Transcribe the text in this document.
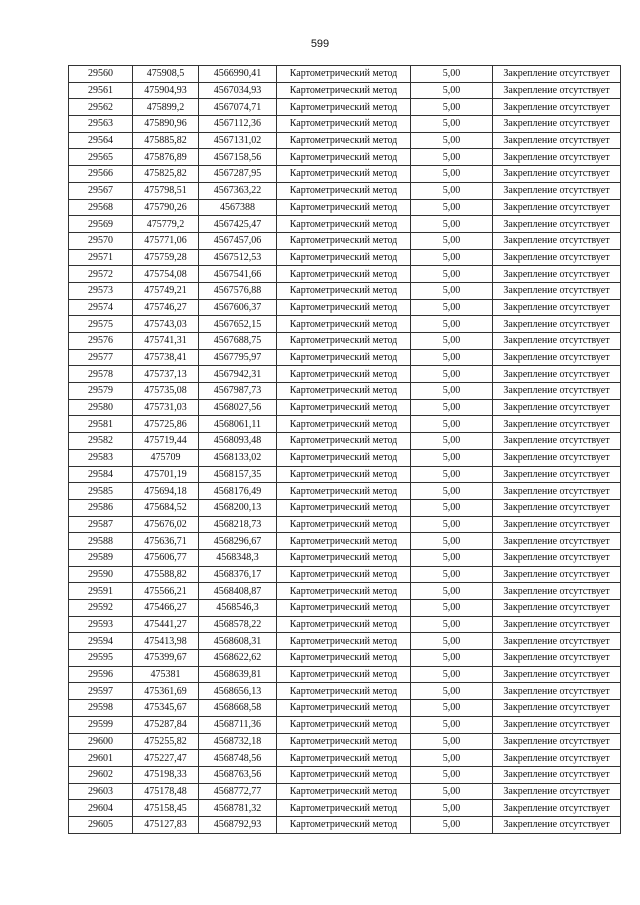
599
29560	475908,5	4566990,41	Картометрический метод	5,00	Закрепление отсутствует
29561	475904,93	4567034,93	Картометрический метод	5,00	Закрепление отсутствует
29562	475899,2	4567074,71	Картометрический метод	5,00	Закрепление отсутствует
29563	475890,96	4567112,36	Картометрический метод	5,00	Закрепление отсутствует
29564	475885,82	4567131,02	Картометрический метод	5,00	Закрепление отсутствует
29565	475876,89	4567158,56	Картометрический метод	5,00	Закрепление отсутствует
29566	475825,82	4567287,95	Картометрический метод	5,00	Закрепление отсутствует
29567	475798,51	4567363,22	Картометрический метод	5,00	Закрепление отсутствует
29568	475790,26	4567388	Картометрический метод	5,00	Закрепление отсутствует
29569	475779,2	4567425,47	Картометрический метод	5,00	Закрепление отсутствует
29570	475771,06	4567457,06	Картометрический метод	5,00	Закрепление отсутствует
29571	475759,28	4567512,53	Картометрический метод	5,00	Закрепление отсутствует
29572	475754,08	4567541,66	Картометрический метод	5,00	Закрепление отсутствует
29573	475749,21	4567576,88	Картометрический метод	5,00	Закрепление отсутствует
29574	475746,27	4567606,37	Картометрический метод	5,00	Закрепление отсутствует
29575	475743,03	4567652,15	Картометрический метод	5,00	Закрепление отсутствует
29576	475741,31	4567688,75	Картометрический метод	5,00	Закрепление отсутствует
29577	475738,41	4567795,97	Картометрический метод	5,00	Закрепление отсутствует
29578	475737,13	4567942,31	Картометрический метод	5,00	Закрепление отсутствует
29579	475735,08	4567987,73	Картометрический метод	5,00	Закрепление отсутствует
29580	475731,03	4568027,56	Картометрический метод	5,00	Закрепление отсутствует
29581	475725,86	4568061,11	Картометрический метод	5,00	Закрепление отсутствует
29582	475719,44	4568093,48	Картометрический метод	5,00	Закрепление отсутствует
29583	475709	4568133,02	Картометрический метод	5,00	Закрепление отсутствует
29584	475701,19	4568157,35	Картометрический метод	5,00	Закрепление отсутствует
29585	475694,18	4568176,49	Картометрический метод	5,00	Закрепление отсутствует
29586	475684,52	4568200,13	Картометрический метод	5,00	Закрепление отсутствует
29587	475676,02	4568218,73	Картометрический метод	5,00	Закрепление отсутствует
29588	475636,71	4568296,67	Картометрический метод	5,00	Закрепление отсутствует
29589	475606,77	4568348,3	Картометрический метод	5,00	Закрепление отсутствует
29590	475588,82	4568376,17	Картометрический метод	5,00	Закрепление отсутствует
29591	475566,21	4568408,87	Картометрический метод	5,00	Закрепление отсутствует
29592	475466,27	4568546,3	Картометрический метод	5,00	Закрепление отсутствует
29593	475441,27	4568578,22	Картометрический метод	5,00	Закрепление отсутствует
29594	475413,98	4568608,31	Картометрический метод	5,00	Закрепление отсутствует
29595	475399,67	4568622,62	Картометрический метод	5,00	Закрепление отсутствует
29596	475381	4568639,81	Картометрический метод	5,00	Закрепление отсутствует
29597	475361,69	4568656,13	Картометрический метод	5,00	Закрепление отсутствует
29598	475345,67	4568668,58	Картометрический метод	5,00	Закрепление отсутствует
29599	475287,84	4568711,36	Картометрический метод	5,00	Закрепление отсутствует
29600	475255,82	4568732,18	Картометрический метод	5,00	Закрепление отсутствует
29601	475227,47	4568748,56	Картометрический метод	5,00	Закрепление отсутствует
29602	475198,33	4568763,56	Картометрический метод	5,00	Закрепление отсутствует
29603	475178,48	4568772,77	Картометрический метод	5,00	Закрепление отсутствует
29604	475158,45	4568781,32	Картометрический метод	5,00	Закрепление отсутствует
29605	475127,83	4568792,93	Картометрический метод	5,00	Закрепление отсутствует
